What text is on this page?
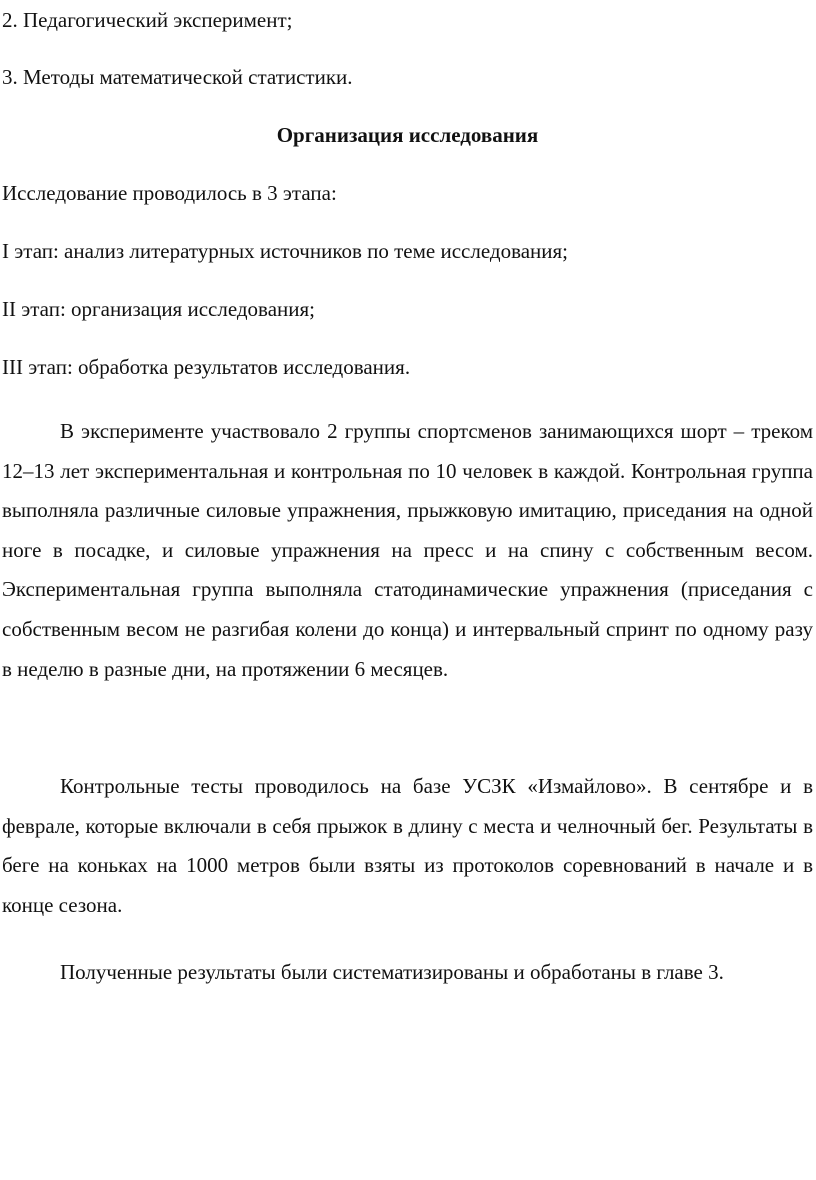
2. Педагогический эксперимент;
3. Методы математической статистики.
Организация исследования
Исследование проводилось в 3 этапа:
I этап: анализ литературных источников по теме исследования;
II этап: организация исследования;
III этап: обработка результатов исследования.

В эксперименте участвовало 2 группы спортсменов занимающихся шорт – треком 12–13 лет экспериментальная и контрольная по 10 человек в каждой. Контрольная группа выполняла различные силовые упражнения, прыжковую имитацию, приседания на одной ноге в посадке, и силовые упражнения на пресс и на спину с собственным весом. Экспериментальная группа выполняла статодинамические упражнения (приседания с собственным весом не разгибая колени до конца) и интервальный спринт по одному разу в неделю в разные дни, на протяжении 6 месяцев.

Контрольные тесты проводилось на базе УСЗК «Измайлово». В сентябре и в феврале, которые включали в себя прыжок в длину с места и челночный бег. Результаты в беге на коньках на 1000 метров были взяты из протоколов соревнований в начале и в конце сезона.

Полученные результаты были систематизированы и обработаны в главе 3.
